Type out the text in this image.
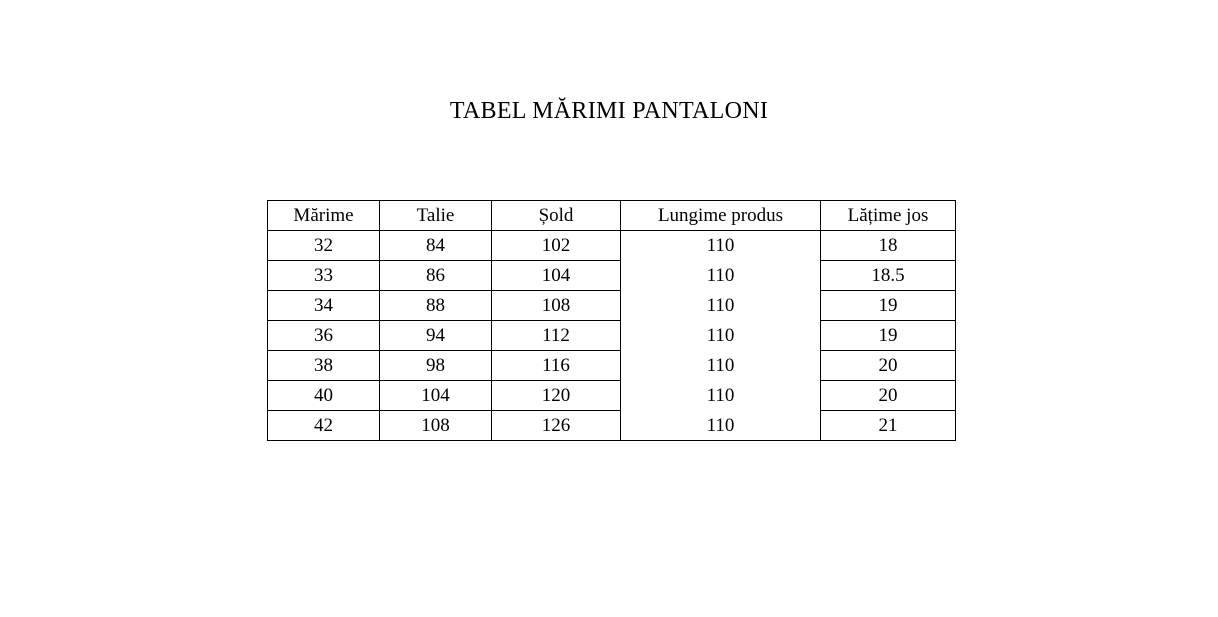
TABEL MĂRIMI PANTALONI
Mărime	Talie	Șold	Lungime produs	Lățime jos
32	84	102	110	18
33	86	104	110	18.5
34	88	108	110	19
36	94	112	110	19
38	98	116	110	20
40	104	120	110	20
42	108	126	110	21
